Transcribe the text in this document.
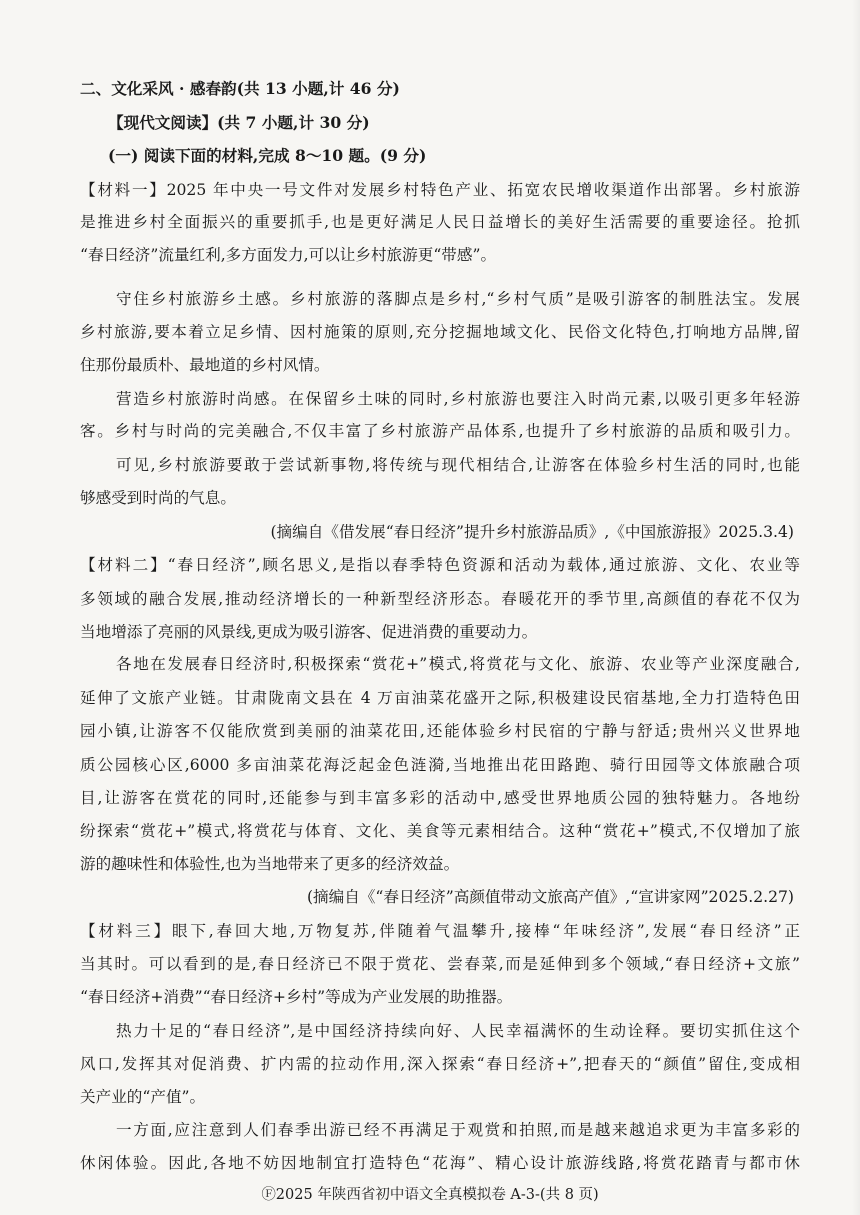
二、文化采风 · 感春韵(共 13 小题,计 46 分)
【现代文阅读】(共 7 小题,计 30 分)
(一) 阅读下面的材料,完成 8～10 题。(9 分)
【材料一】2025 年中央一号文件对发展乡村特色产业、拓宽农民增收渠道作出部署。乡村旅游
是推进乡村全面振兴的重要抓手,也是更好满足人民日益增长的美好生活需要的重要途径。抢抓
“春日经济”流量红利,多方面发力,可以让乡村旅游更“带感”。
守住乡村旅游乡土感。乡村旅游的落脚点是乡村,“乡村气质”是吸引游客的制胜法宝。发展
乡村旅游,要本着立足乡情、因村施策的原则,充分挖掘地域文化、民俗文化特色,打响地方品牌,留
住那份最质朴、最地道的乡村风情。
营造乡村旅游时尚感。在保留乡土味的同时,乡村旅游也要注入时尚元素,以吸引更多年轻游
客。乡村与时尚的完美融合,不仅丰富了乡村旅游产品体系,也提升了乡村旅游的品质和吸引力。
可见,乡村旅游要敢于尝试新事物,将传统与现代相结合,让游客在体验乡村生活的同时,也能
够感受到时尚的气息。
(摘编自《借发展“春日经济”提升乡村旅游品质》,《中国旅游报》2025.3.4)
【材料二】“春日经济”,顾名思义,是指以春季特色资源和活动为载体,通过旅游、文化、农业等
多领域的融合发展,推动经济增长的一种新型经济形态。春暖花开的季节里,高颜值的春花不仅为
当地增添了亮丽的风景线,更成为吸引游客、促进消费的重要动力。
各地在发展春日经济时,积极探索“赏花+”模式,将赏花与文化、旅游、农业等产业深度融合,
延伸了文旅产业链。甘肃陇南文县在 4 万亩油菜花盛开之际,积极建设民宿基地,全力打造特色田
园小镇,让游客不仅能欣赏到美丽的油菜花田,还能体验乡村民宿的宁静与舒适;贵州兴义世界地
质公园核心区,6000 多亩油菜花海泛起金色涟漪,当地推出花田路跑、骑行田园等文体旅融合项
目,让游客在赏花的同时,还能参与到丰富多彩的活动中,感受世界地质公园的独特魅力。各地纷
纷探索“赏花+”模式,将赏花与体育、文化、美食等元素相结合。这种“赏花+”模式,不仅增加了旅
游的趣味性和体验性,也为当地带来了更多的经济效益。
(摘编自《“春日经济”高颜值带动文旅高产值》,“宣讲家网”2025.2.27)
【材料三】眼下,春回大地,万物复苏,伴随着气温攀升,接棒“年味经济”,发展“春日经济”正
当其时。可以看到的是,春日经济已不限于赏花、尝春菜,而是延伸到多个领域,“春日经济+文旅”
“春日经济+消费”“春日经济+乡村”等成为产业发展的助推器。
热力十足的“春日经济”,是中国经济持续向好、人民幸福满怀的生动诠释。要切实抓住这个
风口,发挥其对促消费、扩内需的拉动作用,深入探索“春日经济+”,把春天的“颜值”留住,变成相
关产业的“产值”。
一方面,应注意到人们春季出游已经不再满足于观赏和拍照,而是越来越追求更为丰富多彩的
休闲体验。因此,各地不妨因地制宜打造特色“花海”、精心设计旅游线路,将赏花踏青与都市休
Ⓕ2025 年陕西省初中语文全真模拟卷 A-3-(共 8 页)
